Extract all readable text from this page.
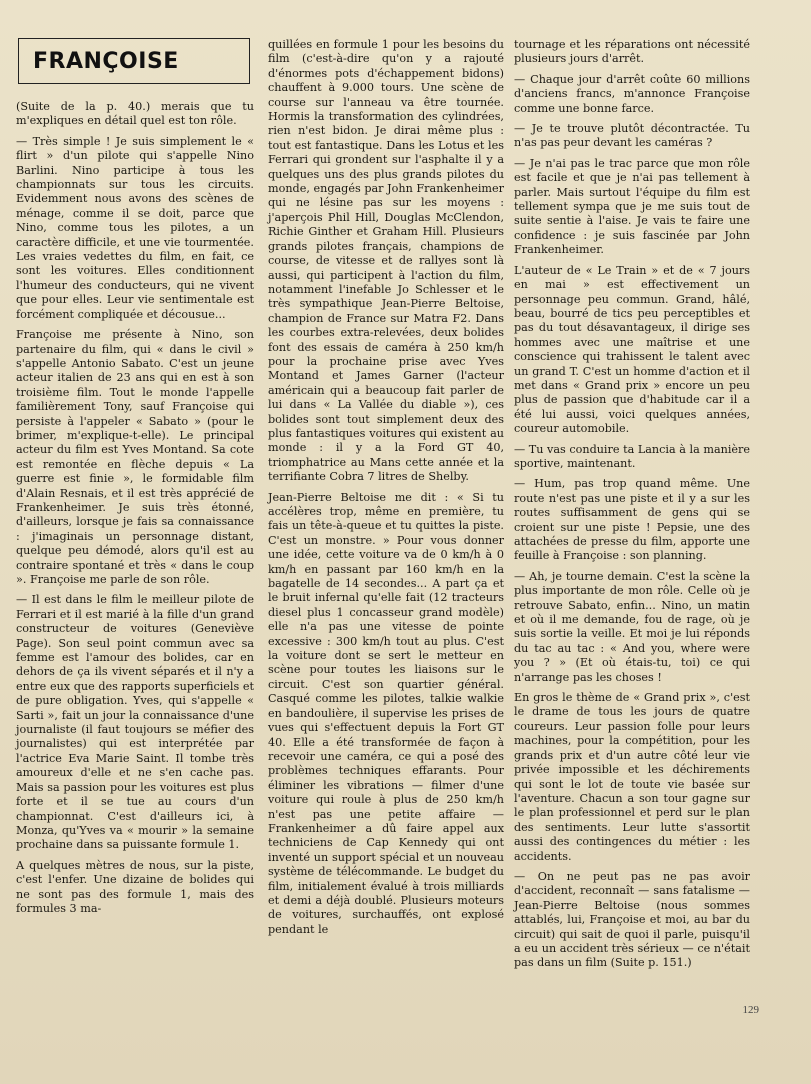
FRANÇOISE

(Suite de la p. 40.) merais que tu m'expliques en détail quel est ton rôle.

— Très simple ! Je suis simplement le « flirt » d'un pilote qui s'appelle Nino Barlini. Nino participe à tous les championnats sur tous les circuits. Evidemment nous avons des scènes de ménage, comme il se doit, parce que Nino, comme tous les pilotes, a un caractère difficile, et une vie tourmentée. Les vraies vedettes du film, en fait, ce sont les voitures. Elles conditionnent l'humeur des conducteurs, qui ne vivent que pour elles. Leur vie sentimentale est forcément compliquée et décousue...

Françoise me présente à Nino, son partenaire du film, qui « dans le civil » s'appelle Antonio Sabato. C'est un jeune acteur italien de 23 ans qui en est à son troisième film. Tout le monde l'appelle familièrement Tony, sauf Françoise qui persiste à l'appeler « Sabato » (pour le brimer, m'explique-t-elle). Le principal acteur du film est Yves Montand. Sa cote est remontée en flèche depuis « La guerre est finie », le formidable film d'Alain Resnais, et il est très apprécié de Frankenheimer. Je suis très étonné, d'ailleurs, lorsque je fais sa connaissance : j'imaginais un personnage distant, quelque peu démodé, alors qu'il est au contraire spontané et très « dans le coup ». Françoise me parle de son rôle.

— Il est dans le film le meilleur pilote de Ferrari et il est marié à la fille d'un grand constructeur de voitures (Geneviève Page). Son seul point commun avec sa femme est l'amour des bolides, car en dehors de ça ils vivent séparés et il n'y a entre eux que des rapports superficiels et de pure obligation. Yves, qui s'appelle « Sarti », fait un jour la connaissance d'une journaliste (il faut toujours se méfier des journalistes) qui est interprétée par l'actrice Eva Marie Saint. Il tombe très amoureux d'elle et ne s'en cache pas. Mais sa passion pour les voitures est plus forte et il se tue au cours d'un championnat. C'est d'ailleurs ici, à Monza, qu'Yves va « mourir » la semaine prochaine dans sa puissante formule 1.

A quelques mètres de nous, sur la piste, c'est l'enfer. Une dizaine de bolides qui ne sont pas des formule 1, mais des formules 3 ma-

quillées en formule 1 pour les besoins du film (c'est-à-dire qu'on y a rajouté d'énormes pots d'échappement bidons) chauffent à 9.000 tours. Une scène de course sur l'anneau va être tournée. Hormis la transformation des cylindrées, rien n'est bidon. Je dirai même plus : tout est fantastique. Dans les Lotus et les Ferrari qui grondent sur l'asphalte il y a quelques uns des plus grands pilotes du monde, engagés par John Frankenheimer qui ne lésine pas sur les moyens : j'aperçois Phil Hill, Douglas McClendon, Richie Ginther et Graham Hill. Plusieurs grands pilotes français, champions de course, de vitesse et de rallyes sont là aussi, qui participent à l'action du film, notamment l'inefable Jo Schlesser et le très sympathique Jean-Pierre Beltoise, champion de France sur Matra F2. Dans les courbes extra-relevées, deux bolides font des essais de caméra à 250 km/h pour la prochaine prise avec Yves Montand et James Garner (l'acteur américain qui a beaucoup fait parler de lui dans « La Vallée du diable »), ces bolides sont tout simplement deux des plus fantastiques voitures qui existent au monde : il y a la Ford GT 40, triomphatrice au Mans cette année et la terrifiante Cobra 7 litres de Shelby.

Jean-Pierre Beltoise me dit : « Si tu accélères trop, même en première, tu fais un tête-à-queue et tu quittes la piste. C'est un monstre. » Pour vous donner une idée, cette voiture va de 0 km/h à 0 km/h en passant par 160 km/h en la bagatelle de 14 secondes... A part ça et le bruit infernal qu'elle fait (12 tracteurs diesel plus 1 concasseur grand modèle) elle n'a pas une vitesse de pointe excessive : 300 km/h tout au plus. C'est la voiture dont se sert le metteur en scène pour toutes les liaisons sur le circuit. C'est son quartier général. Casqué comme les pilotes, talkie walkie en bandoulière, il supervise les prises de vues qui s'effectuent depuis la Fort GT 40. Elle a été transformée de façon à recevoir une caméra, ce qui a posé des problèmes techniques effarants. Pour éliminer les vibrations — filmer d'une voiture qui roule à plus de 250 km/h n'est pas une petite affaire — Frankenheimer a dû faire appel aux techniciens de Cap Kennedy qui ont inventé un support spécial et un nouveau système de télécommande. Le budget du film, initialement évalué à trois milliards et demi a déjà doublé. Plusieurs moteurs de voitures, surchauffés, ont explosé pendant le

tournage et les réparations ont nécessité plusieurs jours d'arrêt.

— Chaque jour d'arrêt coûte 60 millions d'anciens francs, m'annonce Françoise comme une bonne farce.

— Je te trouve plutôt décontractée. Tu n'as pas peur devant les caméras ?

— Je n'ai pas le trac parce que mon rôle est facile et que je n'ai pas tellement à parler. Mais surtout l'équipe du film est tellement sympa que je me suis tout de suite sentie à l'aise. Je vais te faire une confidence : je suis fascinée par John Frankenheimer.

L'auteur de « Le Train » et de « 7 jours en mai » est effectivement un personnage peu commun. Grand, hâlé, beau, bourré de tics peu perceptibles et pas du tout désavantageux, il dirige ses hommes avec une maîtrise et une conscience qui trahissent le talent avec un grand T. C'est un homme d'action et il met dans « Grand prix » encore un peu plus de passion que d'habitude car il a été lui aussi, voici quelques années, coureur automobile.

— Tu vas conduire ta Lancia à la manière sportive, maintenant.

— Hum, pas trop quand même. Une route n'est pas une piste et il y a sur les routes suffisamment de gens qui se croient sur une piste ! Pepsie, une des attachées de presse du film, apporte une feuille à Françoise : son planning.

— Ah, je tourne demain. C'est la scène la plus importante de mon rôle. Celle où je retrouve Sabato, enfin... Nino, un matin et où il me demande, fou de rage, où je suis sortie la veille. Et moi je lui réponds du tac au tac : « And you, where were you ? » (Et où étais-tu, toi) ce qui n'arrange pas les choses !

En gros le thème de « Grand prix », c'est le drame de tous les jours de quatre coureurs. Leur passion folle pour leurs machines, pour la compétition, pour les grands prix et d'un autre côté leur vie privée impossible et les déchirements qui sont le lot de toute vie basée sur l'aventure. Chacun a son tour gagne sur le plan professionnel et perd sur le plan des sentiments. Leur lutte s'assortit aussi des contingences du métier : les accidents.

— On ne peut pas ne pas avoir d'accident, reconnaît — sans fatalisme — Jean-Pierre Beltoise (nous sommes attablés, lui, Françoise et moi, au bar du circuit) qui sait de quoi il parle, puisqu'il a eu un accident très sérieux — ce n'était pas dans un film (Suite p. 151.)

129
